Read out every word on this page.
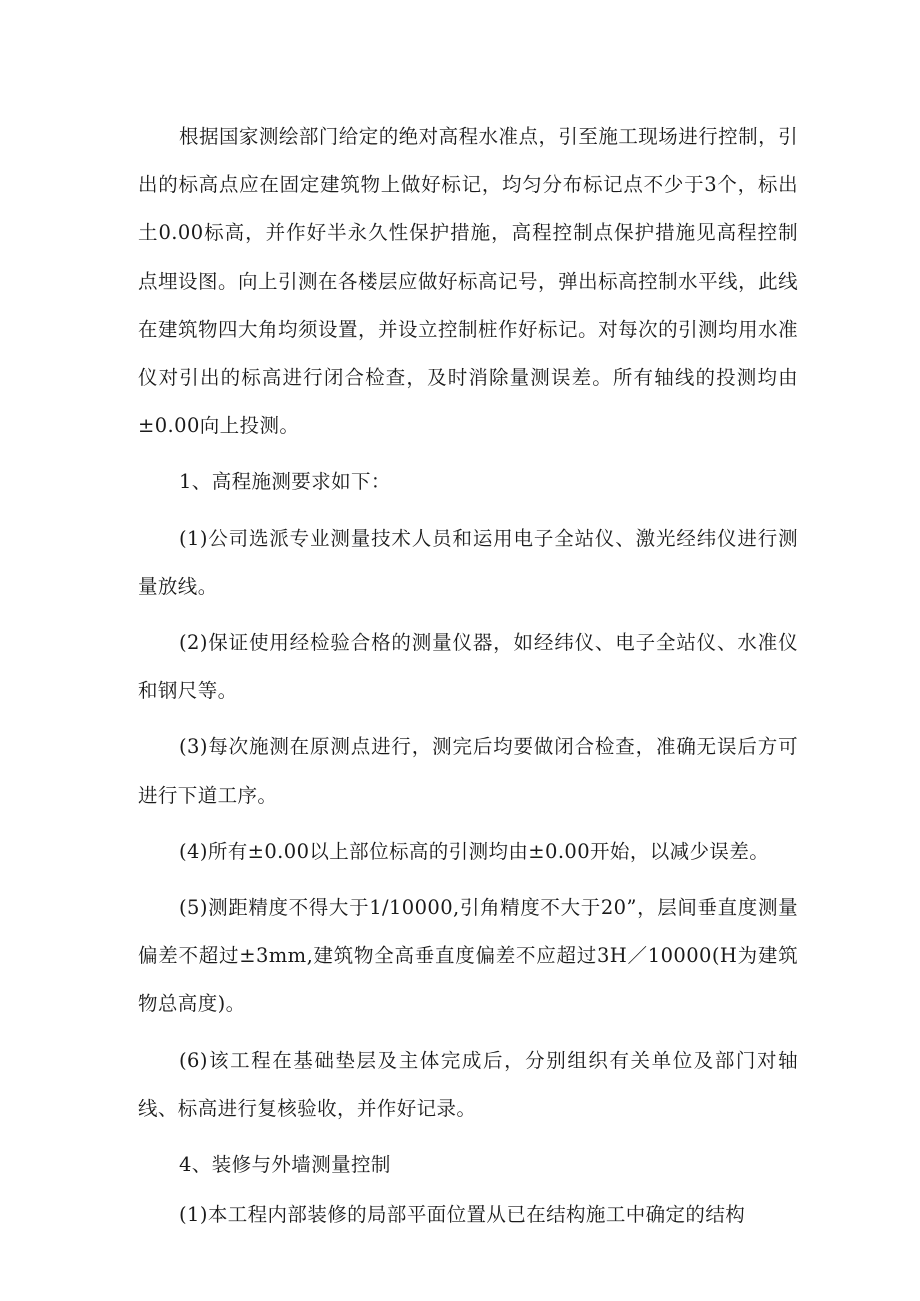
根据国家测绘部门给定的绝对高程水准点，引至施工现场进行控制，引出的标高点应在固定建筑物上做好标记，均匀分布标记点不少于3个，标出土0.00标高，并作好半永久性保护措施，高程控制点保护措施见高程控制点埋设图。向上引测在各楼层应做好标高记号，弹出标高控制水平线，此线在建筑物四大角均须设置，并设立控制桩作好标记。对每次的引测均用水准仪对引出的标高进行闭合检查，及时消除量测误差。所有轴线的投测均由±0.00向上投测。

1、高程施测要求如下：

(1)公司选派专业测量技术人员和运用电子全站仪、激光经纬仪进行测量放线。

(2)保证使用经检验合格的测量仪器，如经纬仪、电子全站仪、水准仪和钢尺等。

(3)每次施测在原测点进行，测完后均要做闭合检查，准确无误后方可进行下道工序。

(4)所有±0.00以上部位标高的引测均由±0.00开始，以减少误差。

(5)测距精度不得大于1/10000,引角精度不大于20”，层间垂直度测量偏差不超过±3mm,建筑物全高垂直度偏差不应超过3H／10000(H为建筑物总高度)。

(6)该工程在基础垫层及主体完成后，分别组织有关单位及部门对轴线、标高进行复核验收，并作好记录。

4、装修与外墙测量控制

(1)本工程内部装修的局部平面位置从已在结构施工中确定的结构
